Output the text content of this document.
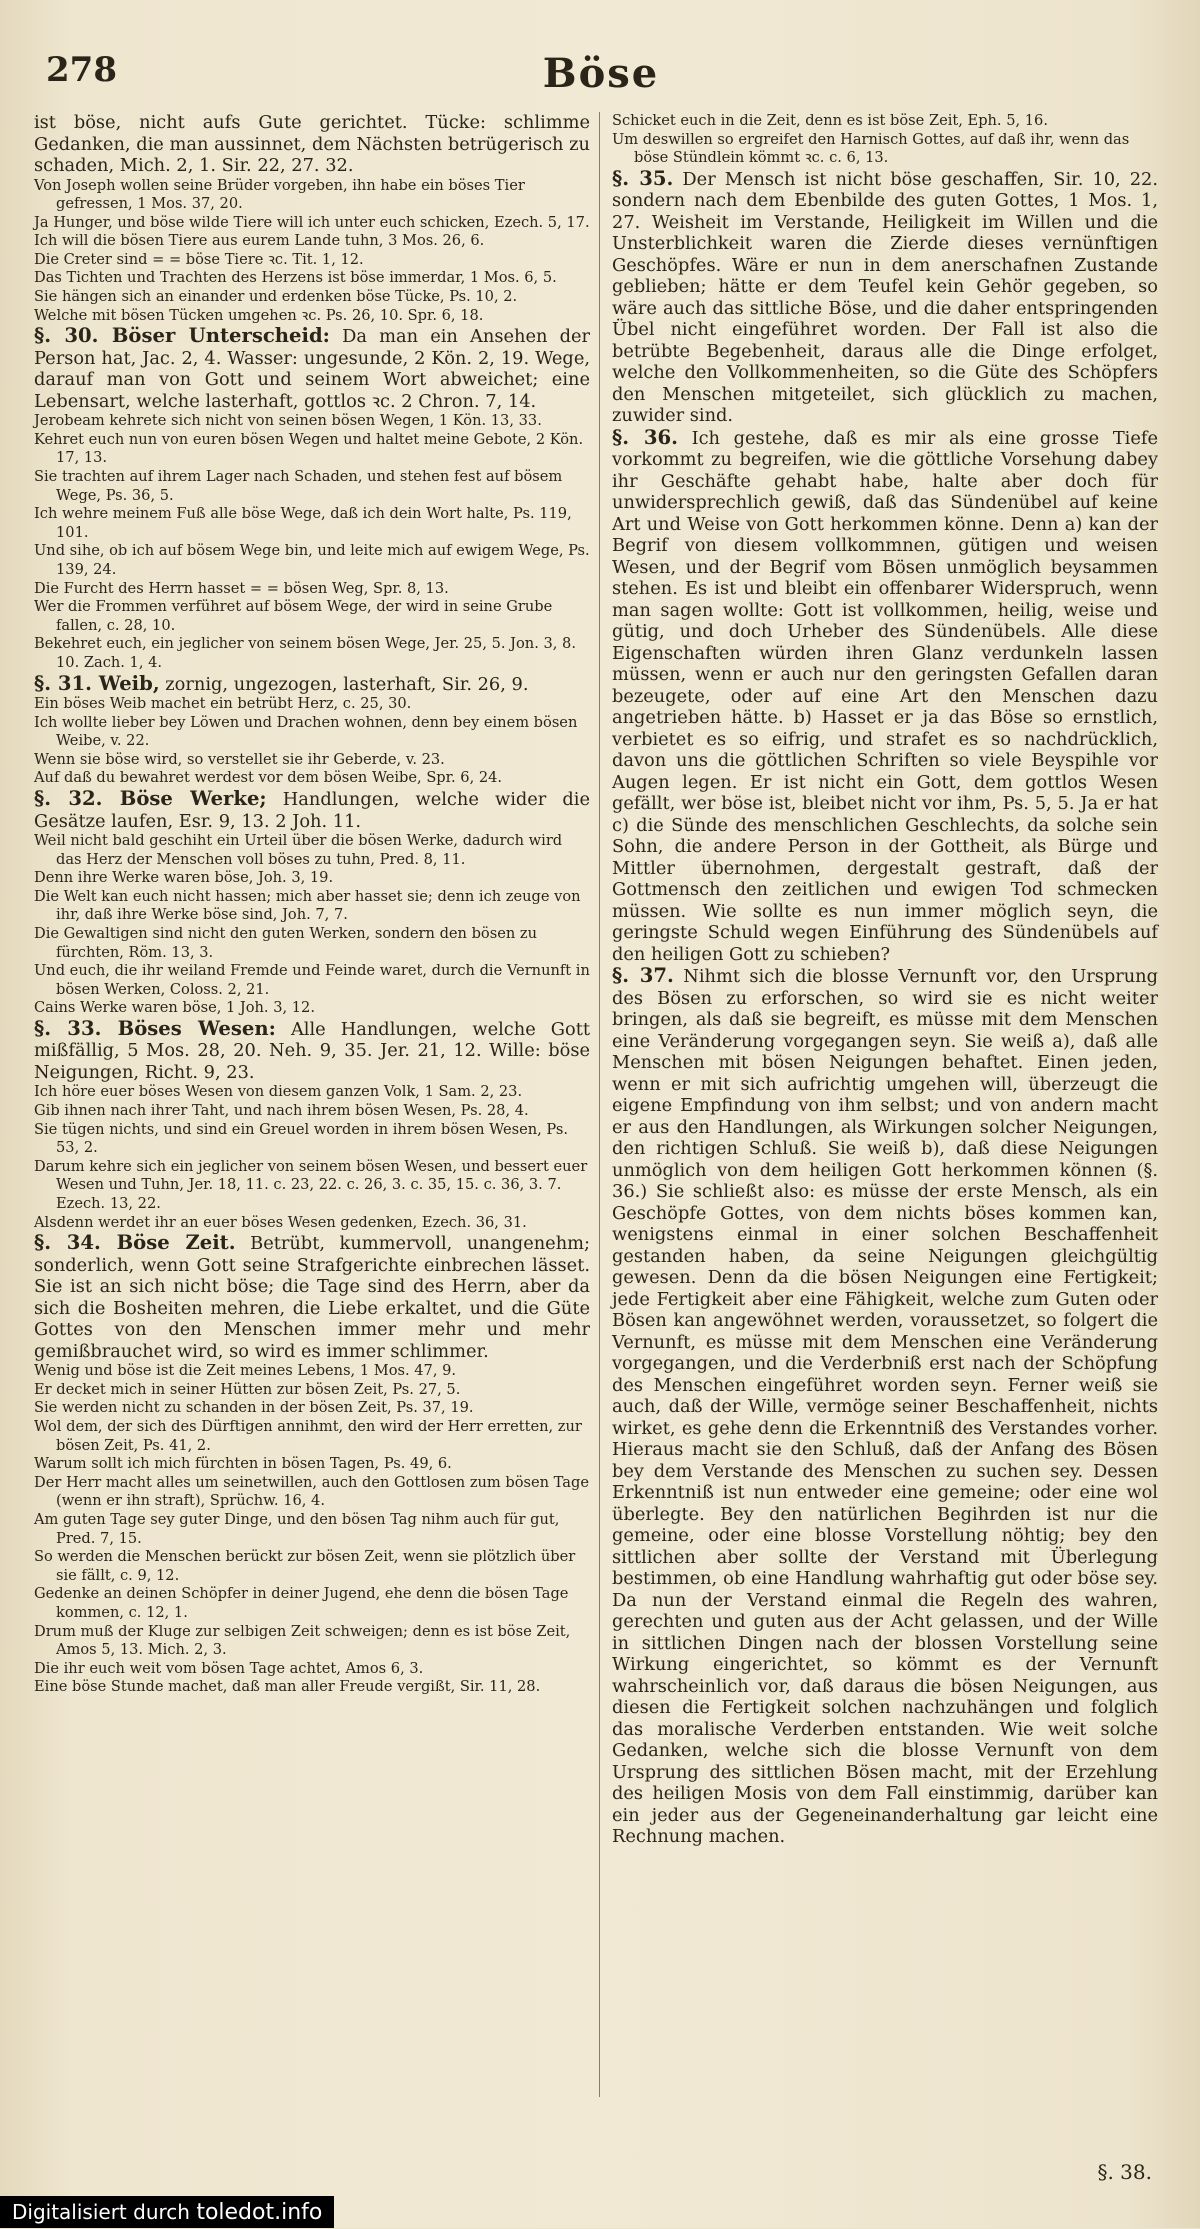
278	Böse

ist böse, nicht aufs Gute gerichtet. Tücke: schlimme Gedanken, die man aussinnet, dem Nächsten betrügerisch zu schaden, Mich. 2, 1. Sir. 22, 27. 32.

Von Joseph wollen seine Brüder vorgeben, ihn habe ein böses Tier gefressen, 1 Mos. 37, 20.

Ja Hunger, und böse wilde Tiere will ich unter euch schicken, Ezech. 5, 17.

Ich will die bösen Tiere aus eurem Lande tuhn, 3 Mos. 26, 6.

Die Creter sind = = böse Tiere ꝛc. Tit. 1, 12.

Das Tichten und Trachten des Herzens ist böse immerdar, 1 Mos. 6, 5.

Sie hängen sich an einander und erdenken böse Tücke, Ps. 10, 2.

Welche mit bösen Tücken umgehen ꝛc. Ps. 26, 10. Spr. 6, 18.

§. 30. Böser Unterscheid: Da man ein Ansehen der Person hat, Jac. 2, 4. Wasser: ungesunde, 2 Kön. 2, 19. Wege, darauf man von Gott und seinem Wort abweichet; eine Lebensart, welche lasterhaft, gottlos ꝛc. 2 Chron. 7, 14.

Jerobeam kehrete sich nicht von seinen bösen Wegen, 1 Kön. 13, 33.

Kehret euch nun von euren bösen Wegen und haltet meine Gebote, 2 Kön. 17, 13.

Sie trachten auf ihrem Lager nach Schaden, und stehen fest auf bösem Wege, Ps. 36, 5.

Ich wehre meinem Fuß alle böse Wege, daß ich dein Wort halte, Ps. 119, 101.

Und sihe, ob ich auf bösem Wege bin, und leite mich auf ewigem Wege, Ps. 139, 24.

Die Furcht des Herrn hasset = = bösen Weg, Spr. 8, 13.

Wer die Frommen verführet auf bösem Wege, der wird in seine Grube fallen, c. 28, 10.

Bekehret euch, ein jeglicher von seinem bösen Wege, Jer. 25, 5. Jon. 3, 8. 10. Zach. 1, 4.

§. 31. Weib, zornig, ungezogen, lasterhaft, Sir. 26, 9.

Ein böses Weib machet ein betrübt Herz, c. 25, 30.

Ich wollte lieber bey Löwen und Drachen wohnen, denn bey einem bösen Weibe, v. 22.

Wenn sie böse wird, so verstellet sie ihr Geberde, v. 23.

Auf daß du bewahret werdest vor dem bösen Weibe, Spr. 6, 24.

§. 32. Böse Werke; Handlungen, welche wider die Gesätze laufen, Esr. 9, 13. 2 Joh. 11.

Weil nicht bald geschiht ein Urteil über die bösen Werke, dadurch wird das Herz der Menschen voll böses zu tuhn, Pred. 8, 11.

Denn ihre Werke waren böse, Joh. 3, 19.

Die Welt kan euch nicht hassen; mich aber hasset sie; denn ich zeuge von ihr, daß ihre Werke böse sind, Joh. 7, 7.

Die Gewaltigen sind nicht den guten Werken, sondern den bösen zu fürchten, Röm. 13, 3.

Und euch, die ihr weiland Fremde und Feinde waret, durch die Vernunft in bösen Werken, Coloss. 2, 21.

Cains Werke waren böse, 1 Joh. 3, 12.

§. 33. Böses Wesen: Alle Handlungen, welche Gott mißfällig, 5 Mos. 28, 20. Neh. 9, 35. Jer. 21, 12. Wille: böse Neigungen, Richt. 9, 23.

Ich höre euer böses Wesen von diesem ganzen Volk, 1 Sam. 2, 23.

Gib ihnen nach ihrer Taht, und nach ihrem bösen Wesen, Ps. 28, 4.

Sie tügen nichts, und sind ein Greuel worden in ihrem bösen Wesen, Ps. 53, 2.

Darum kehre sich ein jeglicher von seinem bösen Wesen, und bessert euer Wesen und Tuhn, Jer. 18, 11. c. 23, 22. c. 26, 3. c. 35, 15. c. 36, 3. 7. Ezech. 13, 22.

Alsdenn werdet ihr an euer böses Wesen gedenken, Ezech. 36, 31.

§. 34. Böse Zeit. Betrübt, kummervoll, unangenehm; sonderlich, wenn Gott seine Strafgerichte einbrechen lässet. Sie ist an sich nicht böse; die Tage sind des Herrn, aber da sich die Bosheiten mehren, die Liebe erkaltet, und die Güte Gottes von den Menschen immer mehr und mehr gemißbrauchet wird, so wird es immer schlimmer.

Wenig und böse ist die Zeit meines Lebens, 1 Mos. 47, 9.

Er decket mich in seiner Hütten zur bösen Zeit, Ps. 27, 5.

Sie werden nicht zu schanden in der bösen Zeit, Ps. 37, 19.

Wol dem, der sich des Dürftigen annihmt, den wird der Herr erretten, zur bösen Zeit, Ps. 41, 2.

Warum sollt ich mich fürchten in bösen Tagen, Ps. 49, 6.

Der Herr macht alles um seinetwillen, auch den Gottlosen zum bösen Tage (wenn er ihn straft), Sprüchw. 16, 4.

Am guten Tage sey guter Dinge, und den bösen Tag nihm auch für gut, Pred. 7, 15.

So werden die Menschen berückt zur bösen Zeit, wenn sie plötzlich über sie fällt, c. 9, 12.

Gedenke an deinen Schöpfer in deiner Jugend, ehe denn die bösen Tage kommen, c. 12, 1.

Drum muß der Kluge zur selbigen Zeit schweigen; denn es ist böse Zeit, Amos 5, 13. Mich. 2, 3.

Die ihr euch weit vom bösen Tage achtet, Amos 6, 3.

Eine böse Stunde machet, daß man aller Freude vergißt, Sir. 11, 28.

Schicket euch in die Zeit, denn es ist böse Zeit, Eph. 5, 16.

Um deswillen so ergreifet den Harnisch Gottes, auf daß ihr, wenn das böse Stündlein kömmt ꝛc. c. 6, 13.

§. 35. Der Mensch ist nicht böse geschaffen, Sir. 10, 22. sondern nach dem Ebenbilde des guten Gottes, 1 Mos. 1, 27. Weisheit im Verstande, Heiligkeit im Willen und die Unsterblichkeit waren die Zierde dieses vernünftigen Geschöpfes. Wäre er nun in dem anerschafnen Zustande geblieben; hätte er dem Teufel kein Gehör gegeben, so wäre auch das sittliche Böse, und die daher entspringenden Übel nicht eingeführet worden. Der Fall ist also die betrübte Begebenheit, daraus alle die Dinge erfolget, welche den Vollkommenheiten, so die Güte des Schöpfers den Menschen mitgeteilet, sich glücklich zu machen, zuwider sind.

§. 36. Ich gestehe, daß es mir als eine grosse Tiefe vorkommt zu begreifen, wie die göttliche Vorsehung dabey ihr Geschäfte gehabt habe, halte aber doch für unwidersprechlich gewiß, daß das Sündenübel auf keine Art und Weise von Gott herkommen könne. Denn a) kan der Begrif von diesem vollkommnen, gütigen und weisen Wesen, und der Begrif vom Bösen unmöglich beysammen stehen. Es ist und bleibt ein offenbarer Widerspruch, wenn man sagen wollte: Gott ist vollkommen, heilig, weise und gütig, und doch Urheber des Sündenübels. Alle diese Eigenschaften würden ihren Glanz verdunkeln lassen müssen, wenn er auch nur den geringsten Gefallen daran bezeugete, oder auf eine Art den Menschen dazu angetrieben hätte. b) Hasset er ja das Böse so ernstlich, verbietet es so eifrig, und strafet es so nachdrücklich, davon uns die göttlichen Schriften so viele Beyspihle vor Augen legen. Er ist nicht ein Gott, dem gottlos Wesen gefällt, wer böse ist, bleibet nicht vor ihm, Ps. 5, 5. Ja er hat c) die Sünde des menschlichen Geschlechts, da solche sein Sohn, die andere Person in der Gottheit, als Bürge und Mittler übernohmen, dergestalt gestraft, daß der Gottmensch den zeitlichen und ewigen Tod schmecken müssen. Wie sollte es nun immer möglich seyn, die geringste Schuld wegen Einführung des Sündenübels auf den heiligen Gott zu schieben?

§. 37. Nihmt sich die blosse Vernunft vor, den Ursprung des Bösen zu erforschen, so wird sie es nicht weiter bringen, als daß sie begreift, es müsse mit dem Menschen eine Veränderung vorgegangen seyn. Sie weiß a), daß alle Menschen mit bösen Neigungen behaftet. Einen jeden, wenn er mit sich aufrichtig umgehen will, überzeugt die eigene Empfindung von ihm selbst; und von andern macht er aus den Handlungen, als Wirkungen solcher Neigungen, den richtigen Schluß. Sie weiß b), daß diese Neigungen unmöglich von dem heiligen Gott herkommen können (§. 36.) Sie schließt also: es müsse der erste Mensch, als ein Geschöpfe Gottes, von dem nichts böses kommen kan, wenigstens einmal in einer solchen Beschaffenheit gestanden haben, da seine Neigungen gleichgültig gewesen. Denn da die bösen Neigungen eine Fertigkeit; jede Fertigkeit aber eine Fähigkeit, welche zum Guten oder Bösen kan angewöhnet werden, voraussetzet, so folgert die Vernunft, es müsse mit dem Menschen eine Veränderung vorgegangen, und die Verderbniß erst nach der Schöpfung des Menschen eingeführet worden seyn. Ferner weiß sie auch, daß der Wille, vermöge seiner Beschaffenheit, nichts wirket, es gehe denn die Erkenntniß des Verstandes vorher. Hieraus macht sie den Schluß, daß der Anfang des Bösen bey dem Verstande des Menschen zu suchen sey. Dessen Erkenntniß ist nun entweder eine gemeine; oder eine wol überlegte. Bey den natürlichen Begihrden ist nur die gemeine, oder eine blosse Vorstellung nöhtig; bey den sittlichen aber sollte der Verstand mit Überlegung bestimmen, ob eine Handlung wahrhaftig gut oder böse sey. Da nun der Verstand einmal die Regeln des wahren, gerechten und guten aus der Acht gelassen, und der Wille in sittlichen Dingen nach der blossen Vorstellung seine Wirkung eingerichtet, so kömmt es der Vernunft wahrscheinlich vor, daß daraus die bösen Neigungen, aus diesen die Fertigkeit solchen nachzuhängen und folglich das moralische Verderben entstanden. Wie weit solche Gedanken, welche sich die blosse Vernunft von dem Ursprung des sittlichen Bösen macht, mit der Erzehlung des heiligen Mosis von dem Fall einstimmig, darüber kan ein jeder aus der Gegeneinanderhaltung gar leicht eine Rechnung machen.

§. 38.
Digitalisiert durch toledot.info
